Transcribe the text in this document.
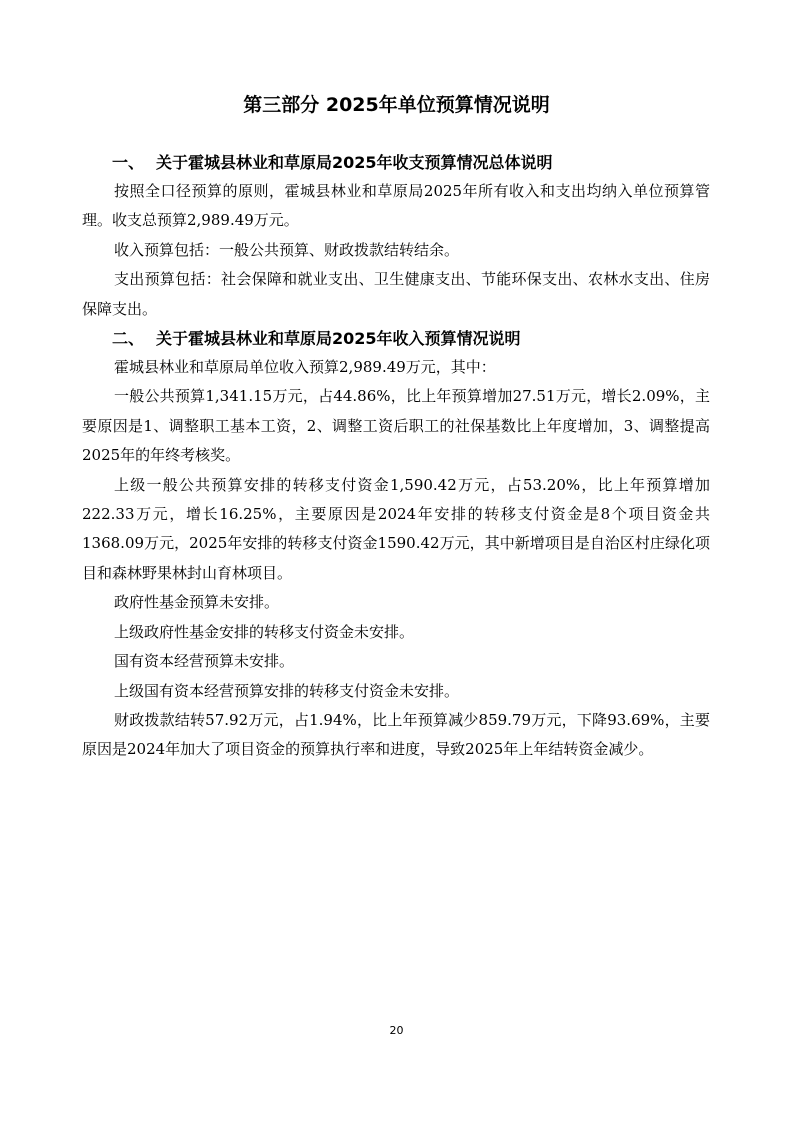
第三部分 2025年单位预算情况说明
一、 关于霍城县林业和草原局2025年收支预算情况总体说明

按照全口径预算的原则，霍城县林业和草原局2025年所有收入和支出均纳入单位预算管理。收支总预算2,989.49万元。

收入预算包括：一般公共预算、财政拨款结转结余。

支出预算包括：社会保障和就业支出、卫生健康支出、节能环保支出、农林水支出、住房保障支出。

二、 关于霍城县林业和草原局2025年收入预算情况说明

霍城县林业和草原局单位收入预算2,989.49万元，其中：

一般公共预算1,341.15万元，占44.86%，比上年预算增加27.51万元，增长2.09%，主要原因是1、调整职工基本工资，2、调整工资后职工的社保基数比上年度增加，3、调整提高2025年的年终考核奖。

上级一般公共预算安排的转移支付资金1,590.42万元，占53.20%，比上年预算增加222.33万元，增长16.25%，主要原因是2024年安排的转移支付资金是8个项目资金共1368.09万元，2025年安排的转移支付资金1590.42万元，其中新增项目是自治区村庄绿化项目和森林野果林封山育林项目。

政府性基金预算未安排。

上级政府性基金安排的转移支付资金未安排。

国有资本经营预算未安排。

上级国有资本经营预算安排的转移支付资金未安排。

财政拨款结转57.92万元，占1.94%，比上年预算减少859.79万元，下降93.69%，主要原因是2024年加大了项目资金的预算执行率和进度，导致2025年上年结转资金减少。

20
